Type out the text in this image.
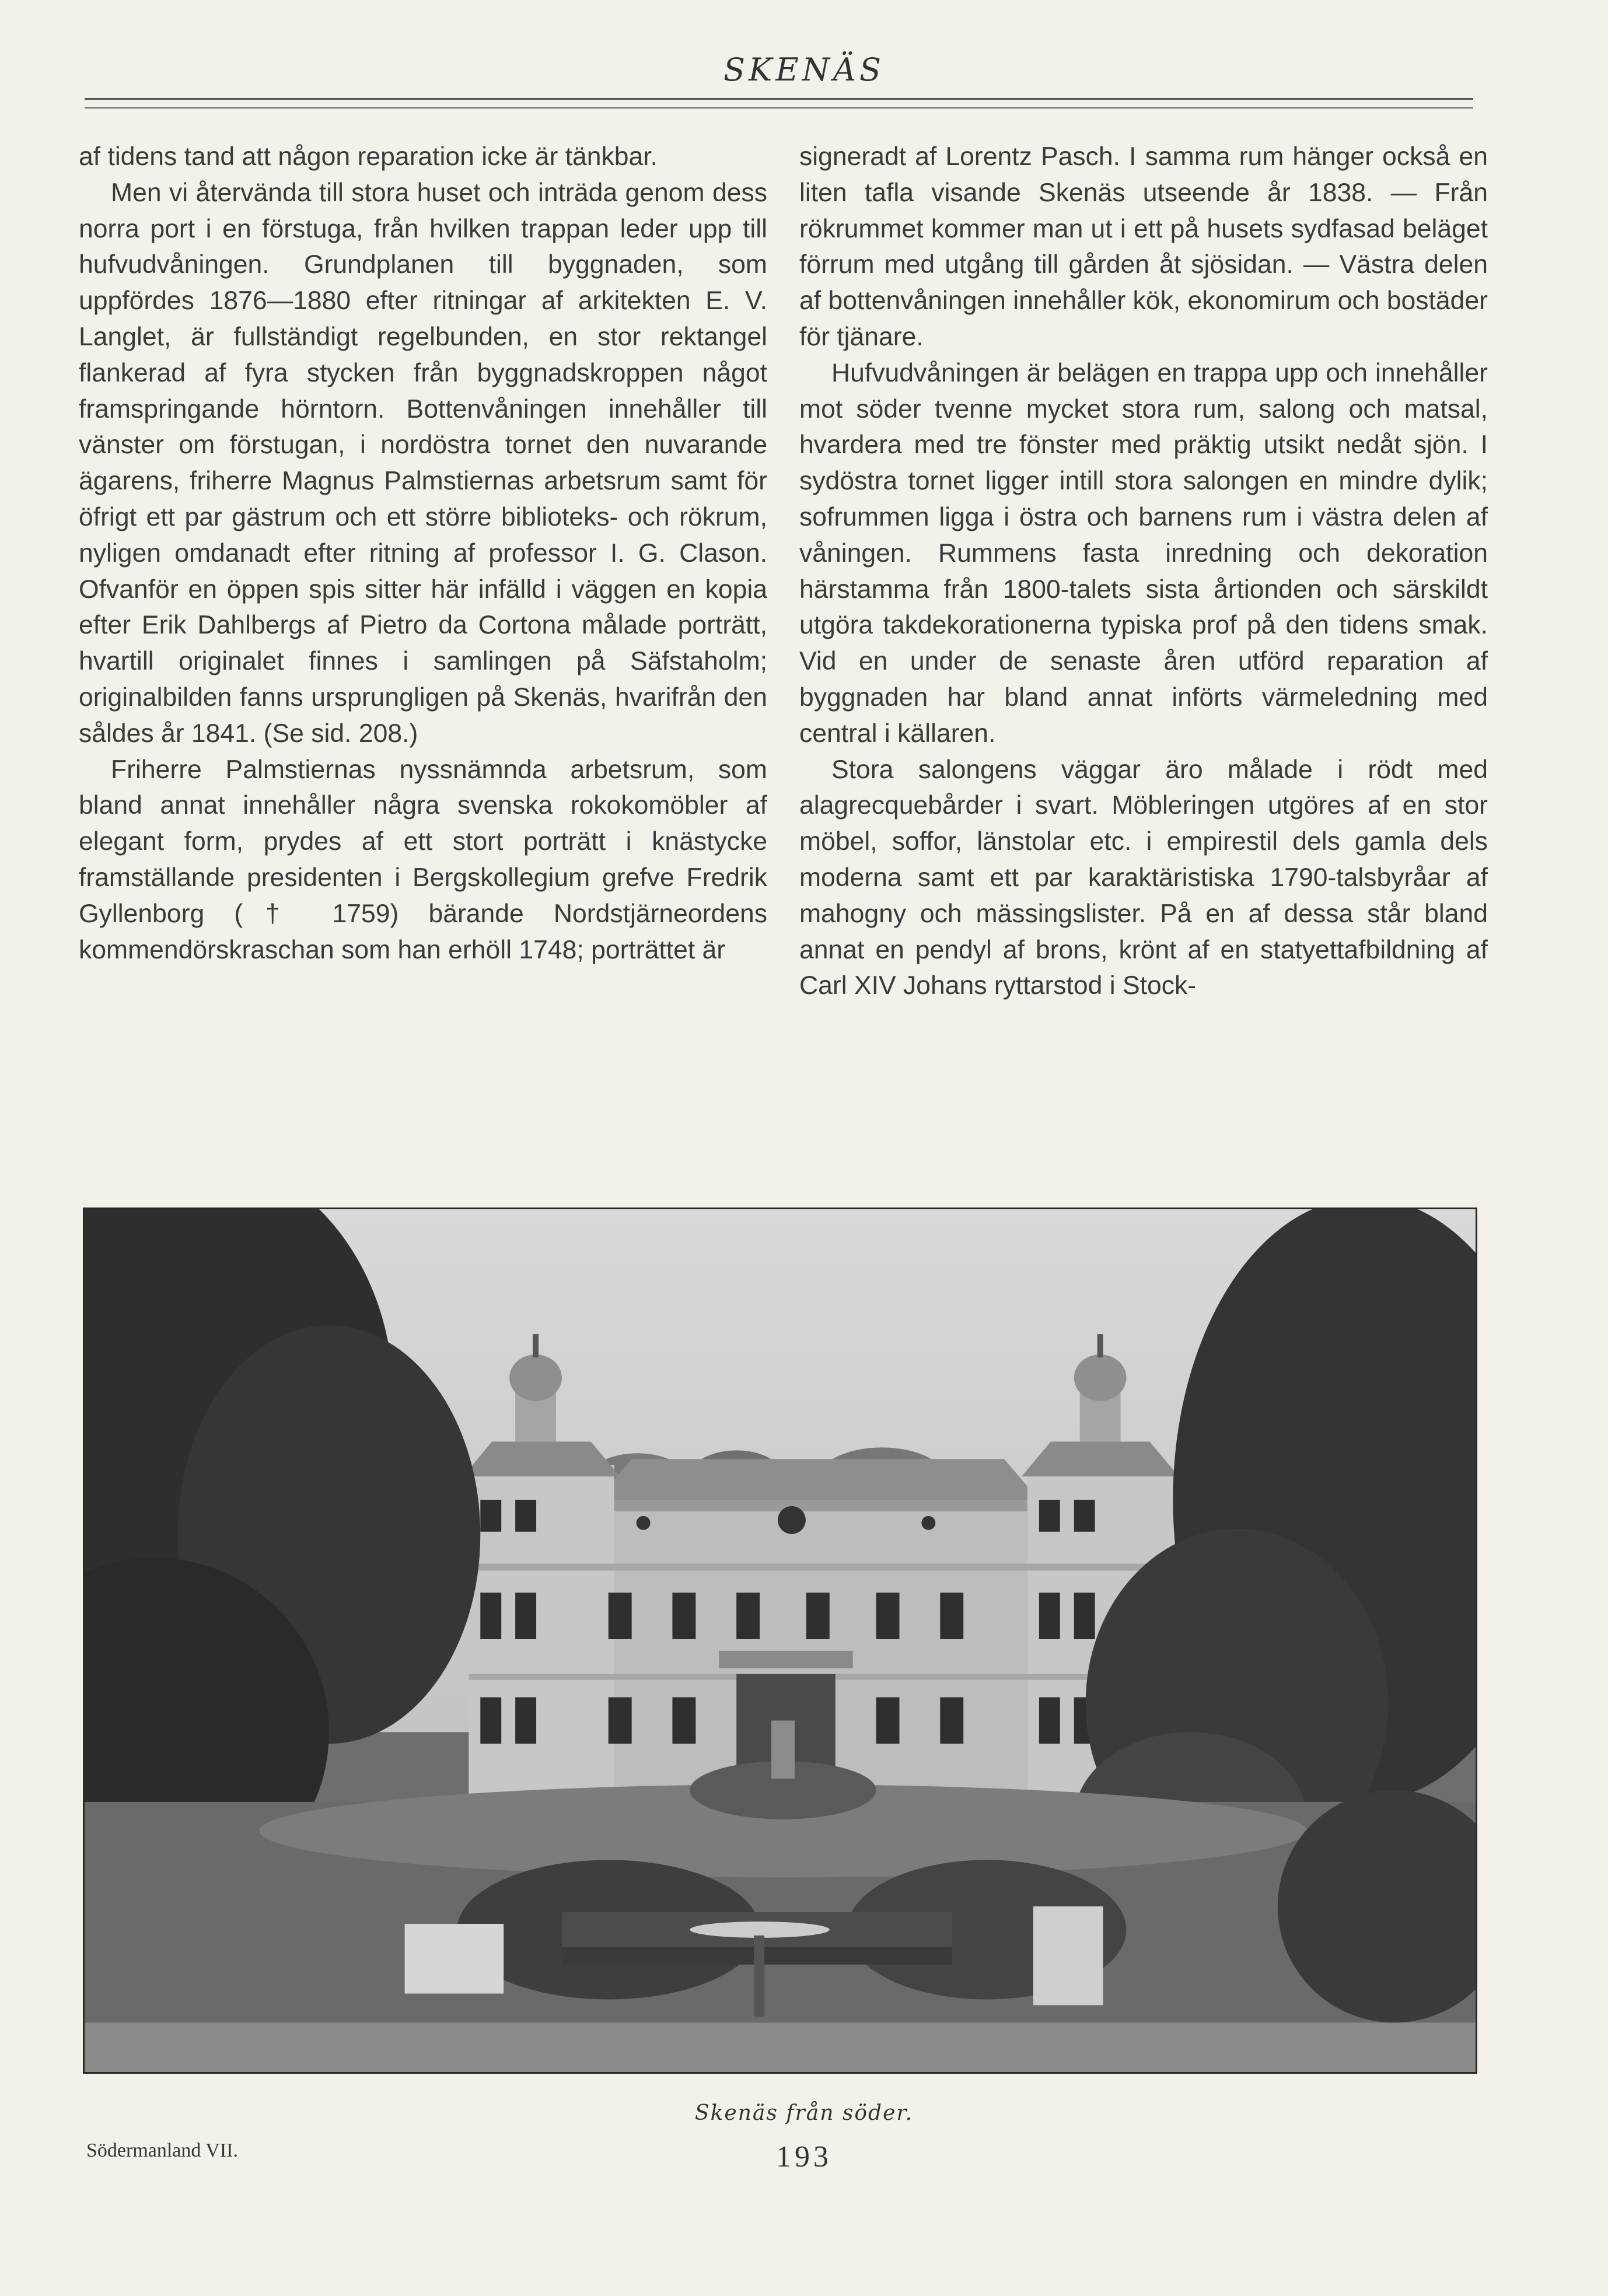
SKENÄS

af tidens tand att någon reparation icke är tänkbar.

Men vi återvända till stora huset och inträda genom dess norra port i en förstuga, från hvilken trappan leder upp till hufvudvåningen. Grundplanen till byggnaden, som uppfördes 1876—1880 efter ritningar af arkitekten E. V. Langlet, är fullständigt regelbunden, en stor rektangel flankerad af fyra stycken från byggnadskroppen något framspringande hörntorn. Bottenvåningen innehåller till vänster om förstugan, i nordöstra tornet den nuvarande ägarens, friherre Magnus Palmstiernas arbetsrum samt för öfrigt ett par gästrum och ett större biblioteks- och rökrum, nyligen omdanadt efter ritning af professor I. G. Clason. Ofvanför en öppen spis sitter här infälld i väggen en kopia efter Erik Dahlbergs af Pietro da Cortona målade porträtt, hvartill originalet finnes i samlingen på Säfstaholm; originalbilden fanns ursprungligen på Skenäs, hvarifrån den såldes år 1841. (Se sid. 208.)

Friherre Palmstiernas nyssnämnda arbetsrum, som bland annat innehåller några svenska rokokomöbler af elegant form, prydes af ett stort porträtt i knästycke framställande presidenten i Bergskollegium grefve Fredrik Gyllenborg († 1759) bärande Nordstjärneordens kommendörskraschan som han erhöll 1748; porträttet är

signeradt af Lorentz Pasch. I samma rum hänger också en liten tafla visande Skenäs utseende år 1838. — Från rökrummet kommer man ut i ett på husets sydfasad beläget förrum med utgång till gården åt sjösidan. — Västra delen af bottenvåningen innehåller kök, ekonomirum och bostäder för tjänare.

Hufvudvåningen är belägen en trappa upp och innehåller mot söder tvenne mycket stora rum, salong och matsal, hvardera med tre fönster med präktig utsikt nedåt sjön. I sydöstra tornet ligger intill stora salongen en mindre dylik; sofrummen ligga i östra och barnens rum i västra delen af våningen. Rummens fasta inredning och dekoration härstamma från 1800-talets sista årtionden och särskildt utgöra takdekorationerna typiska prof på den tidens smak. Vid en under de senaste åren utförd reparation af byggnaden har bland annat införts värmeledning med central i källaren.

Stora salongens väggar äro målade i rödt med alagrecquebårder i svart. Möbleringen utgöres af en stor möbel, soffor, länstolar etc. i empirestil dels gamla dels moderna samt ett par karaktäristiska 1790-talsbyråar af mahogny och mässingslister. På en af dessa står bland annat en pendyl af brons, krönt af en statyettafbildning af Carl XIV Johans ryttarstod i Stock-

Skenäs från söder.
Södermanland VII.	193
